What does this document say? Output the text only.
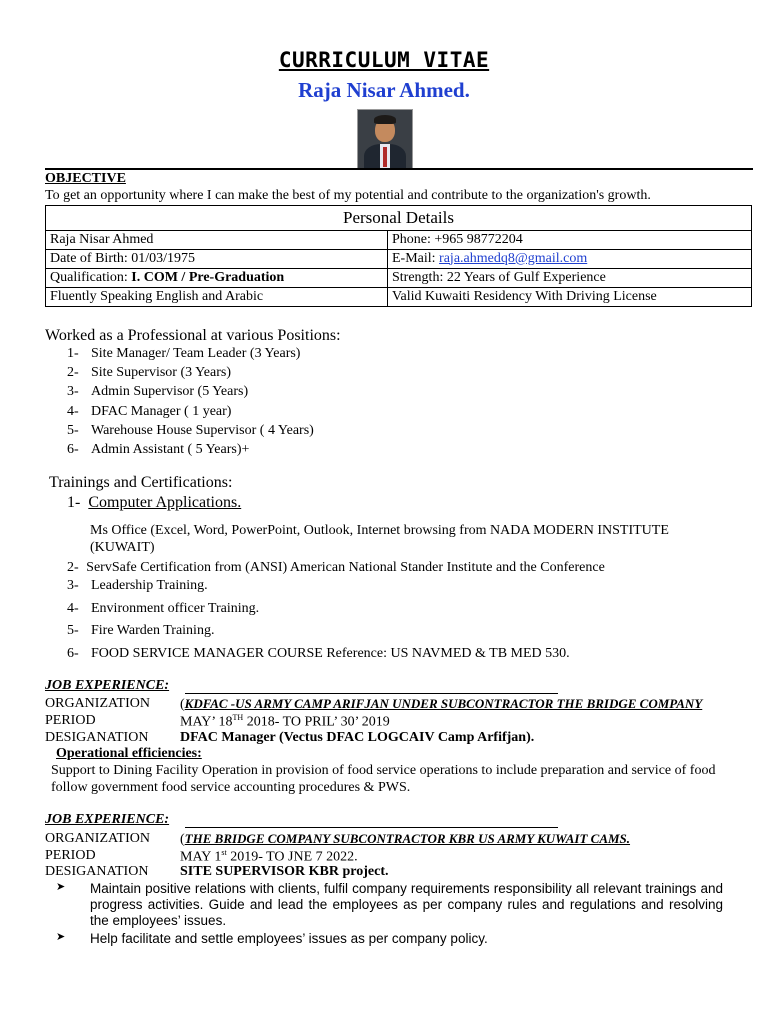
CURRICULUM VITAE
Raja Nisar Ahmed.
OBJECTIVE
To get an opportunity where I can make the best of my potential and contribute to the organization's growth.
Personal Details	
Raja Nisar Ahmed	Phone: +965 98772204
Date of Birth: 01/03/1975	E-Mail: raja.ahmedq8@gmail.com
Qualification: I. COM / Pre-Graduation	Strength: 22 Years of Gulf Experience
Fluently Speaking English and Arabic	Valid Kuwaiti Residency With Driving License
Worked as a Professional at various Positions:
1- Site Manager/ Team Leader (3 Years)
2- Site Supervisor (3 Years)
3- Admin Supervisor (5 Years)
4- DFAC Manager ( 1 year)
5- Warehouse House Supervisor ( 4 Years)
6- Admin Assistant ( 5 Years)+
Trainings and Certifications:
1- Computer Applications.
Ms Office (Excel, Word, PowerPoint, Outlook, Internet browsing from NADA MODERN INSTITUTE (KUWAIT)
2- ServSafe Certification from (ANSI) American National Stander Institute and the Conference
3- Leadership Training.
4- Environment officer Training.
5- Fire Warden Training.
6- FOOD SERVICE MANAGER COURSE Reference: US NAVMED & TB MED 530.
JOB EXPERIENCE:
ORGANIZATION (KDFAC -US ARMY CAMP ARIFJAN UNDER SUBCONTRACTOR THE BRIDGE COMPANY
PERIOD	MAY’ 18TH 2018- TO PRIL’ 30’ 2019
DESIGANATION DFAC Manager (Vectus DFAC LOGCAIV Camp Arfifjan).
Operational efficiencies:
Support to Dining Facility Operation in provision of food service operations to include preparation and service of food follow government food service accounting procedures & PWS.
JOB EXPERIENCE:
ORGANIZATION (THE BRIDGE COMPANY SUBCONTRACTOR KBR US ARMY KUWAIT CAMS.
PERIOD	MAY 1st 2019- TO JNE 7 2022.
DESIGANATION SITE SUPERVISOR KBR project.
➤ Maintain positive relations with clients, fulfil company requirements responsibility all relevant trainings and progress activities. Guide and lead the employees as per company rules and regulations and resolving the employees’ issues.
➤ Help facilitate and settle employees’ issues as per company policy.
